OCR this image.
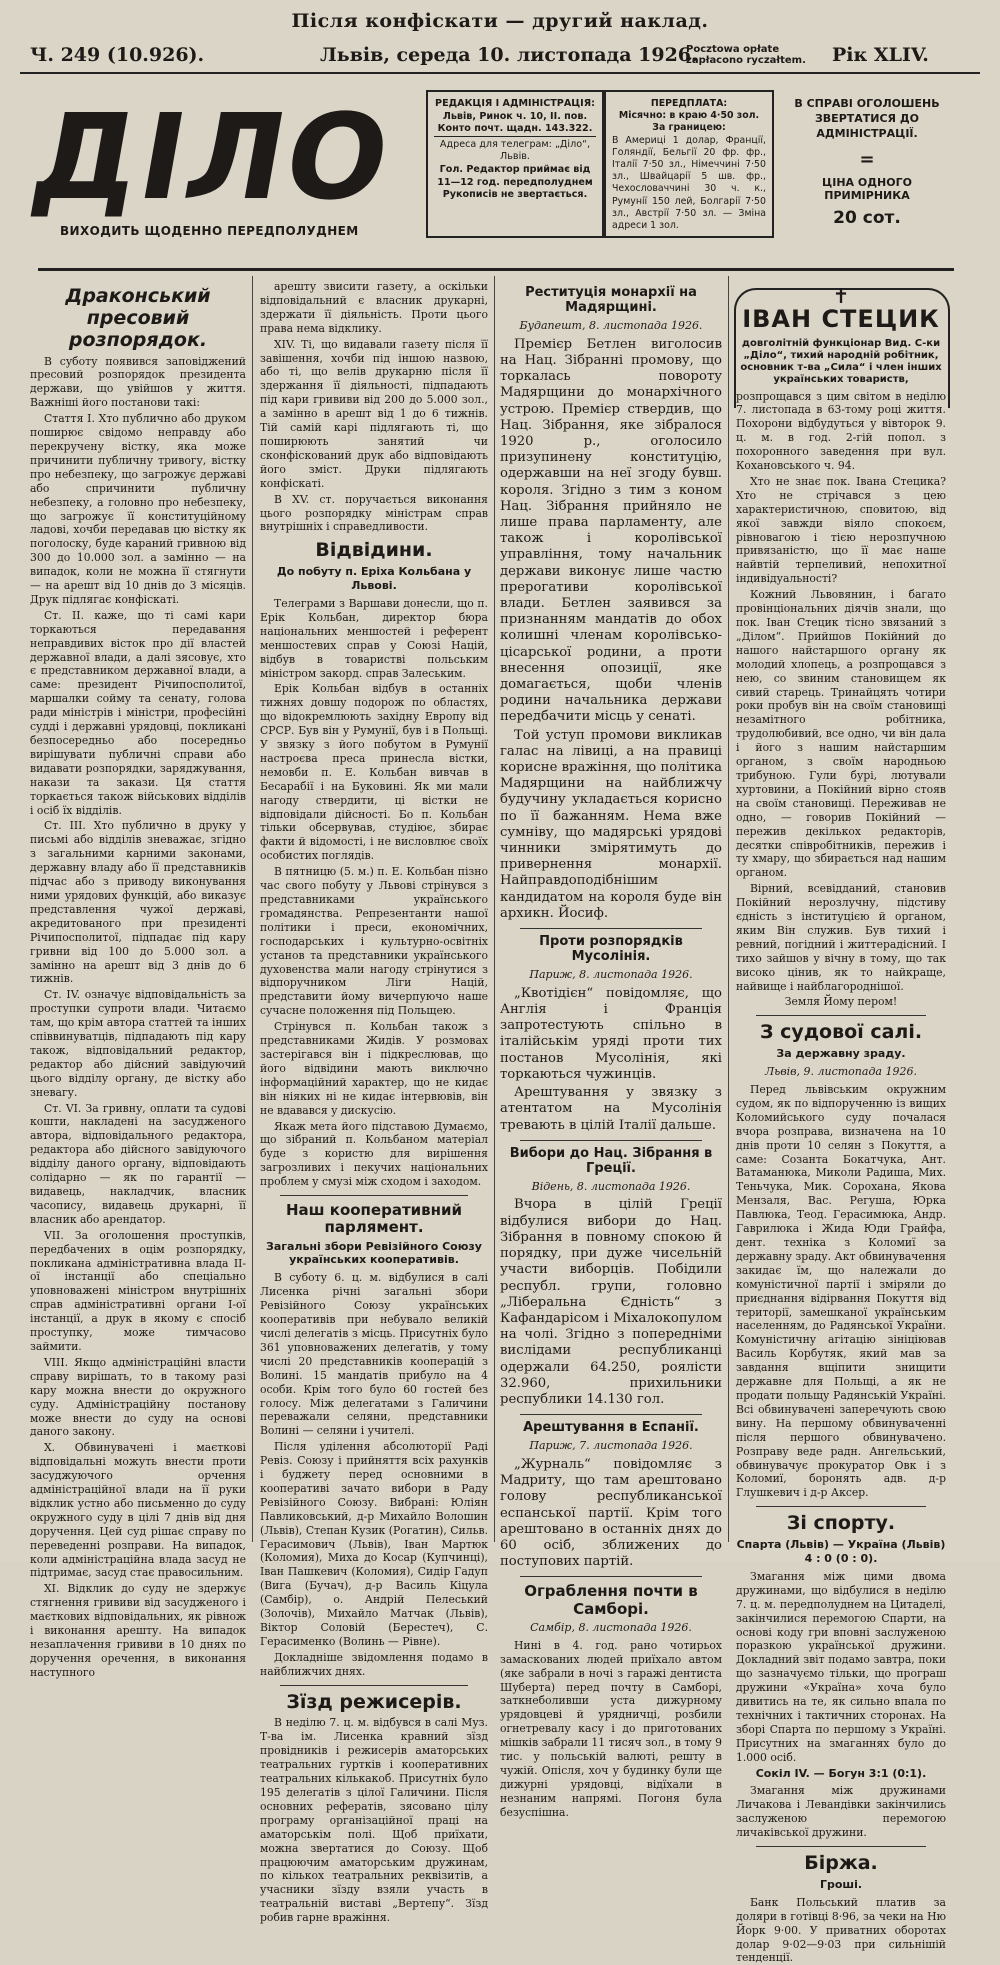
Після конфіскати — другий наклад.
Ч. 249 (10.926).	Львів, середа 10. листопада 1926.
Pocztowa opłate zapłacono ryczałtem.	Рік XLIV.
ДІЛО
ВИХОДИТЬ ЩОДЕННО ПЕРЕДПОЛУДНЕМ
РЕДАКЦІЯ І АДМІНІСТРАЦІЯ:
Львів, Ринок ч. 10, II. пов.
Конто почт. щадн. 143.322.
Адреса для телеграм: „Діло“, Львів.
Гол. Редактор приймає від 11—12 год. передполуднем
Рукописів не звертається.
ПЕРЕДПЛАТА:
Місячно: в краю 4·50 зол.
За границею:
В Америці 1 долар, Франції, Голяндії, Бельгії 20 фр. фр., Італії 7·50 зл., Німеччині 7·50 зл., Швайцарії 5 шв. фр., Чехословаччині 30 ч. к., Румунії 150 лей, Болгарії 7·50 зл., Австрії 7·50 зл. — Зміна адреси 1 зол.
В СПРАВІ ОГОЛОШЕНЬ ЗВЕРТАТИСЯ ДО АДМІНІСТРАЦІЇ.
=
ЦІНА ОДНОГО ПРИМІРНИКА
20 сот.
Драконський пресовий розпорядок.

В суботу появився заповіджений пресовий розпорядок президента держави, що увійшов у життя. Важнішi його постанови такі:

Стаття І. Хто публично або друком поширює свідомо неправду або перекручену вістку, яка може причинити публичну тривогу, вістку про небезпеку, що загрожує державі або спричинити публичну небезпеку, а головно про небезпеку, що загрожує її конституційному ладові, хочби передавав цю вістку як поголоску, буде караний гривною від 300 до 10.000 зол. а замінно — на випадок, коли не можна її стягнути — на арешт від 10 днів до 3 місяців. Друк підлягає конфіскаті.

Ст. II. каже, що ті самі кари торкаються передавання неправдивих вісток про дії властей державної влади, а далі зясовує, хто є представником державної влади, а саме: президент Річипосполитої, маршалки сойму та сенату, голова ради міністрів і міністри, професійні судді і державні урядовці, покликані безпосередньо або посередньо вирішувати публичні справи або видавати розпорядки, заряджування, накази та закази. Ця стаття торкається також військових відділів і осіб їх відділів.

Ст. III. Хто публично в друку у письмі або відділів зневажає, згідно з загальними карними законами, державну владу або її представників підчас або з приводу виконування ними урядових функцій, або виказує представлення чужої державі, акредитованого при президенті Річипосполитої, підпадає під кару гривни від 100 до 5.000 зол. а замінно на арешт від 3 днів до 6 тижнів.

Ст. IV. означує відповідальність за проступки супроти влади. Читаємо там, що крім автора статтей та інших співвинуватців, підпадають під кару також, відповідальний редактор, редактор або дійсний завідуючий цього відділу органу, де вістку або зневагу.

Ст. VI. За гривну, оплати та судові кошти, накладені на засудженого автора, відповідального редактора, редактора або дійсного завідуючого відділу даного органу, відповідають солідарно — як по гарантії — видавець, накладчик, власник часопису, видавець друкарні, її власник або арендатор.

VII. За оголошення проступків, передбачених в оцім розпорядку, покликана адміністративна влада II-ої інстанції або спеціально уповноважені міністром внутрішніх справ адміністративні органи I-ої інстанції, а друк в якому є спосіб проступку, може тимчасово займити.

VIII. Якщо адміністраційні власти справу вирішать, то в такому разі кару можна внести до окружного суду. Адміністраційну постанову може внести до суду на основі даного закону.

X. Обвинувачені і маєткові відповідальні можуть внести проти засуджуючого орчення адміністраційної влади на її руки відклик устно або письменно до суду окружного суду в цілі 7 днів від дня доручення. Цей суд рішає справу по переведенні розправи. На випадок, коли адміністраційна влада засуд не підтримає, засуд стає правосильним.

XI. Відклик до суду не здержує стягнення грививи від засудженого і маєткових відповідальних, як рівнож і виконання арешту. На випадок незаплачення грививи в 10 днях по доручення оречення, в виконання наступного

арешту звисити газету, а оскільки відповідальний є власник друкарні, здержати її діяльність. Проти цього права нема відклику.

XIV. Ті, що видавали газету після її завішення, хочби під іншою назвою, або ті, що велів друкарню після її здержання її діяльності, підпадають під кари грививи від 200 до 5.000 зол., а замінно в арешт від 1 до 6 тижнів. Тій самій карі підлягають ті, що поширюють занятий чи сконфіскований друк або відповідають його зміст. Друки підлягають конфіскаті.

В XV. ст. поручається виконання цього розпорядку міністрам справ внутрішніх і справедливости.

Відвідини.
До побуту п. Еріха Кольбана у Львові.

Телеграми з Варшави донесли, що п. Ерік Кольбан, директор бюра національних меншостей і референт меншостевих справ у Союзі Націй, відбув в товаристві польським міністром закорд. справ Залеським.

Ерік Кольбан відбув в останніх тижнях довшу подорож по областях, що відокремлюють західну Европу від СРСР. Був він у Румунії, був і в Польщі. У звязку з його побутом в Румунії настроєва преса принесла вістки, немовби п. Е. Кольбан вивчав в Бесарабії і на Буковині. Як ми мали нагоду ствердити, ці вістки не відповідали дійсності. Бо п. Кольбан тільки обсервував, студіює, збирає факти й відомості, і не висловлює своїх особистих поглядів.

В пятницю (5. м.) п. Е. Кольбан пізно час свого побуту у Львові стрінувся з представниками українського громадянства. Репрезентанти нашої політики і преси, економічних, господарських і культурно-освітніх установ та представники українського духовенства мали нагоду стрінутися з відпоручником Ліги Націй, представити йому вичерпуючо наше сучасне положення під Польщею.

Стрінувся п. Кольбан також з представниками Жидів. У розмовах застерігався він і підкреслював, що його відвідини мають виключно інформаційний характер, що не кидає він ніяких ні не кидає інтервювів, він не вдавався у дискусію.

Якаж мета його підставою Думаємо, що зібраний п. Кольбаном матеріал буде з користю для вирішення загрозливих і пекучих національних проблем у смузі між сходом і заходом.

Наш кооперативний парлямент.
Загальні збори Ревізійного Союзу українських кооперативів.

В суботу 6. ц. м. відбулися в салі Лисенка річні загальні збори Ревізійного Союзу українських кооперативів при небувало великій числі делегатів з місць. Присутніх було 361 уповноважених делегатів, у тому числі 20 представників кооперацій з Волині. 15 мандатів прибуло на 4 особи. Крім того було 60 гостей без голосу. Між делегатами з Галичини переважали селяни, представники Волині — селяни і учителі.

Після уділення абсолюторії Раді Ревіз. Союзу і прийняття всіх рахунків і буджету перед основними в кооперативі зачато вибори в Раду Ревізійного Союзу. Вибрані: Юліян Павликовський, д-р Михайло Волошин (Львів), Степан Кузик (Рогатин), Сильв. Герасимович (Львів), Іван Мартюк (Коломия), Миха до Косар (Купчинці), Іван Пашкевич (Коломия), Сидір Гадуп (Вига (Бучач), д-р Василь Кіцула (Самбір), о. Андрій Пелеський (Золочів), Михайло Матчак (Львів), Віктор Соловій (Берестеч), С. Герасименко (Волинь — Рівне).

Докладніше звідомлення подамо в найближчих днях.

Зїзд режисерів.

В неділю 7. ц. м. відбувся в салі Муз. Т-ва ім. Лисенка кравний зїзд провідників і режисерів аматорських театральних гуртків і кооперативних театральних кількакоб. Присутніх було 195 делегатів з цілої Галичини. Після основних рефератів, зясовано цілу програму організаційної праці на аматорськім полі. Щоб приїхати, можна звертатися до Союзу. Щоб працюючим аматорським дружинам, по кількох театральних реквізитів, а учасники зїзду взяли участь в театральній виставі „Вертепу“. Зїзд робив гарне вражіння.

Реституція монархії на Мадярщині.
Будапешт, 8. листопада 1926.

Премієр Бетлен виголосив на Нац. Зібранні промову, що торкалась повороту Мадярщини до монархічного устрою. Премієр ствердив, що Нац. Зібрання, яке зібралося 1920 р., оголосило призупинену конституцію, одержавши на неї згоду бувш. короля. Згідно з тим з коном Нац. Зібрання прийняло не лише права парламенту, але також і королівської управління, тому начальник держави виконує лише частю прерогативи королівської влади. Бетлен заявився за признанням мандатів до обох колишні членам королівсько-цісарської родини, а проти внесення опозиції, яке домагається, щоби членів родини начальника держави передбачити місць у сенаті.

Той уступ промови викликав галас на лівиці, а на правиці корисне вражіння, що політика Мадярщини на найближчу будучину укладається корисно по її бажанням. Нема вже сумніву, що мадярські урядові чинники змірятимуть до привернення монархії. Найправдоподібнішим кандидатом на короля буде він архикн. Йосиф.

Проти розпорядків Мусолінія.
Париж, 8. листопада 1926.

„Квотідієн“ повідомляє, що Англія і Франція запротестують спільно в італійськім уряді проти тих постанов Мусолінія, які торкаються чужинців.

Арештування у звязку з атентатом на Мусолінія тревають в цілій Італії дальше.

Вибори до Нац. Зібрання в Греції.
Відень, 8. листопада 1926.

Вчора в цілій Греції відбулися вибори до Нац. Зібрання в повному спокою й порядку, при дуже чисельній участи виборців. Побідили республ. групи, головно „Ліберальна Єдність“ з Кафандарісом і Міхалокопулом на чолі. Згідно з попередніми вислідами республиканці одержали 64.250, роялісти 32.960, прихильники республики 14.130 гол.

Арештування в Еспанії.
Париж, 7. листопада 1926.

„Журналь“ повідомляє з Мадриту, що там арештовано голову республиканської еспанської партії. Крім того арештовано в останніх днях до 60 осіб, зближених до поступових партій.

Ограблення почти в Самборі.
Самбір, 8. листопада 1926.

Нині в 4. год. рано чотирьох замаскованих людей приїхало автом (яке забрали в ночі з гаражі дентиста Шуберта) перед почту в Самборі, заткнеболивши уста дижурному урядовцеві й урядничці, розбили огнетревалу касу і до приготованих мішків забрали 11 тисяч зол., в тому 9 тис. у польській валюті, решту в чужій. Опісля, хоч у будинку були ще дижурні урядовці, відїхали в незнаним напрямі. Погоня була безуспішна.

✝
ІВАН СТЕЦИК
довголітній функціонар Вид. С-ки „Діло“, тихий народній робітник, основник т-ва „Сила“ і член інших українських товариств,

розпрощався з цим світом в неділю 7. листопада в 63-тому році життя. Похорони відбудуться у вівторок 9. ц. м. в год. 2-гій попол. з похоронного заведення при вул. Кохановського ч. 94.

Хто не знає пок. Івана Стецика? Хто не стрічався з цею характеристичною, сповитою, від якої завжди віяло спокоєм, рівновагою і тією нерозпучною привязаністю, що її має наше найвтій терпеливий, непохитної індивідуальності?

Кожний Львовянин, і багато провінціональних діячів знали, що пок. Іван Стецик тісно звязаний з „Ділом“. Прийшов Покійний до нашого найстаршого органу як молодий хлопець, а розпрощався з нею, со звиним становищем як сивий старець. Тринайцять чотири роки пробув він на своїм становищі незамітного робітника, трудолюбивий, все одно, чи він дала і його з нашим найстаршим органом, з своїм народньою трибуною. Гули бурі, лютували хуртовини, а Покійний вірно стояв на своїм становищі. Переживав не одно, — говорив Покійний — пережив декількох редакторів, десятки співробітників, пережив і ту хмару, що збирається над нашим органом.

Вірний, всевідданий, становив Покійний нерозлучну, підстиву єдність з інституцією й органом, яким Він служив. Був тихий і ревний, погідний і життерадісний. І тихо зайшов у вічну в тому, що так високо цінив, як то найкраще, найвище і найблагороднішої.

Земля Йому пером!

З судової салі.
За державну зраду.
Львів, 9. листопада 1926.

Перед львівським окружним судом, як по відпорученню із вищих Коломийського суду почалася вчора розправа, визначена на 10 днів проти 10 селян з Покуття, а саме: Созанта Бокатчука, Ант. Ватаманюка, Миколи Радиша, Мих. Теньчука, Мик. Сорохана, Якова Мензаля, Вас. Регуша, Юрка Павлюка, Теод. Герасимюка, Андр. Гаврилюка і Жида Юди Грайфа, дент. техніка з Коломиї за державну зраду. Акт обвинувачення закидає їм, що належали до комуністичної партії і зміряли до приєднання відірвання Покуття від території, замешканої українським населенням, до Радянської України. Комуністичну агітацію зініціював Василь Корбутяк, який мав за завдання вщіпити знищити державне для Польщі, а як не продати польщу Радянській Україні. Всі обвинувачені заперечують свою вину. На першому обвинуваченні після першого обвинувачено. Розправу веде радн. Ангельський, обвинувачує прокуратор Овк і з Коломиї, боронять адв. д-р Глушкевич і д-р Аксер.

Зі спорту.
Спарта (Львів) — Україна (Львів) 4 : 0 (0 : 0).

Змагання між цими двома дружинами, що відбулися в неділю 7. ц. м. передполуднем на Цитаделі, закінчилися перемогою Спарти, на основі коду гри вповні заслуженою поразкою української дружини. Докладний звіт подамо завтра, поки що зазначуємо тільки, що програш дружини «Україна» хоча було дивитись на те, як сильно впала по технічних і тактичних сторонах. На зборі Спарта по першому з Україні. Присутних на змаганнях було до 1.000 осіб.

Сокіл IV. — Богун 3:1 (0:1).

Змагання між дружинами Личакова і Левандівки закінчились заслуженою перемогою личаківської дружини.

Біржа.
Гроші.

Банк Польський платив за доляри в готівці 8·96, за чеки на Ню Йорк 9·00. У приватних оборотах долар 9·02—9·03 при сильнішій тенденції.
